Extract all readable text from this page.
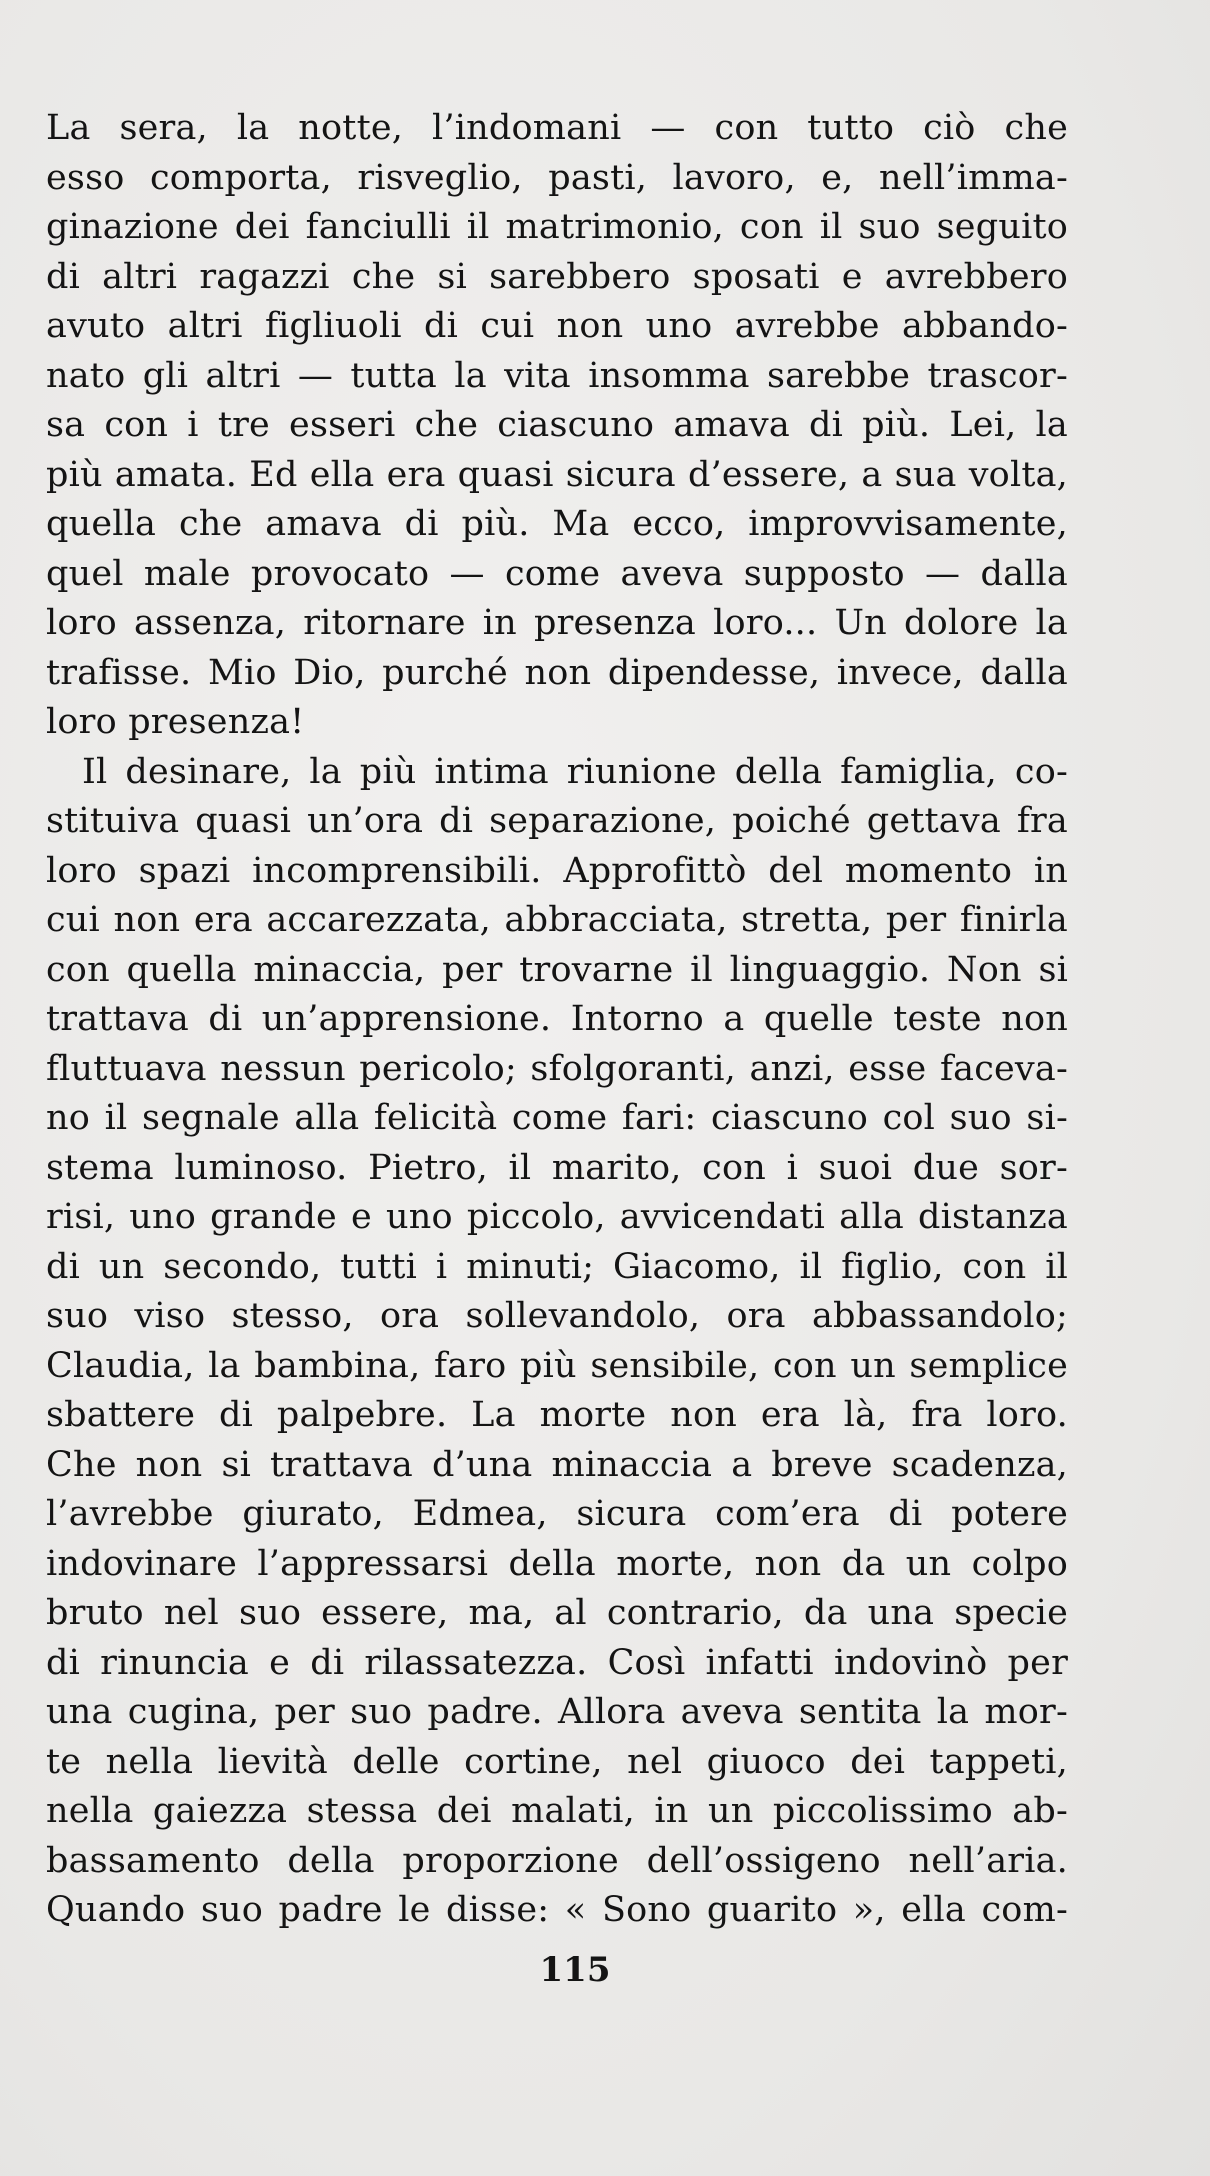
La sera, la notte, l’indomani — con tutto ciò che
esso comporta, risveglio, pasti, lavoro, e, nell’imma-
ginazione dei fanciulli il matrimonio, con il suo seguito
di altri ragazzi che si sarebbero sposati e avrebbero
avuto altri figliuoli di cui non uno avrebbe abbando-
nato gli altri — tutta la vita insomma sarebbe trascor-
sa con i tre esseri che ciascuno amava di più. Lei, la
più amata. Ed ella era quasi sicura d’essere, a sua volta,
quella che amava di più. Ma ecco, improvvisamente,
quel male provocato — come aveva supposto — dalla
loro assenza, ritornare in presenza loro... Un dolore la
trafisse. Mio Dio, purché non dipendesse, invece, dalla
loro presenza!
Il desinare, la più intima riunione della famiglia, co-
stituiva quasi un’ora di separazione, poiché gettava fra
loro spazi incomprensibili. Approfittò del momento in
cui non era accarezzata, abbracciata, stretta, per finirla
con quella minaccia, per trovarne il linguaggio. Non si
trattava di un’apprensione. Intorno a quelle teste non
fluttuava nessun pericolo; sfolgoranti, anzi, esse faceva-
no il segnale alla felicità come fari: ciascuno col suo si-
stema luminoso. Pietro, il marito, con i suoi due sor-
risi, uno grande e uno piccolo, avvicendati alla distanza
di un secondo, tutti i minuti; Giacomo, il figlio, con il
suo viso stesso, ora sollevandolo, ora abbassandolo;
Claudia, la bambina, faro più sensibile, con un semplice
sbattere di palpebre. La morte non era là, fra loro.
Che non si trattava d’una minaccia a breve scadenza,
l’avrebbe giurato, Edmea, sicura com’era di potere
indovinare l’appressarsi della morte, non da un colpo
bruto nel suo essere, ma, al contrario, da una specie
di rinuncia e di rilassatezza. Così infatti indovinò per
una cugina, per suo padre. Allora aveva sentita la mor-
te nella lievità delle cortine, nel giuoco dei tappeti,
nella gaiezza stessa dei malati, in un piccolissimo ab-
bassamento della proporzione dell’ossigeno nell’aria.
Quando suo padre le disse: « Sono guarito », ella com-
115
